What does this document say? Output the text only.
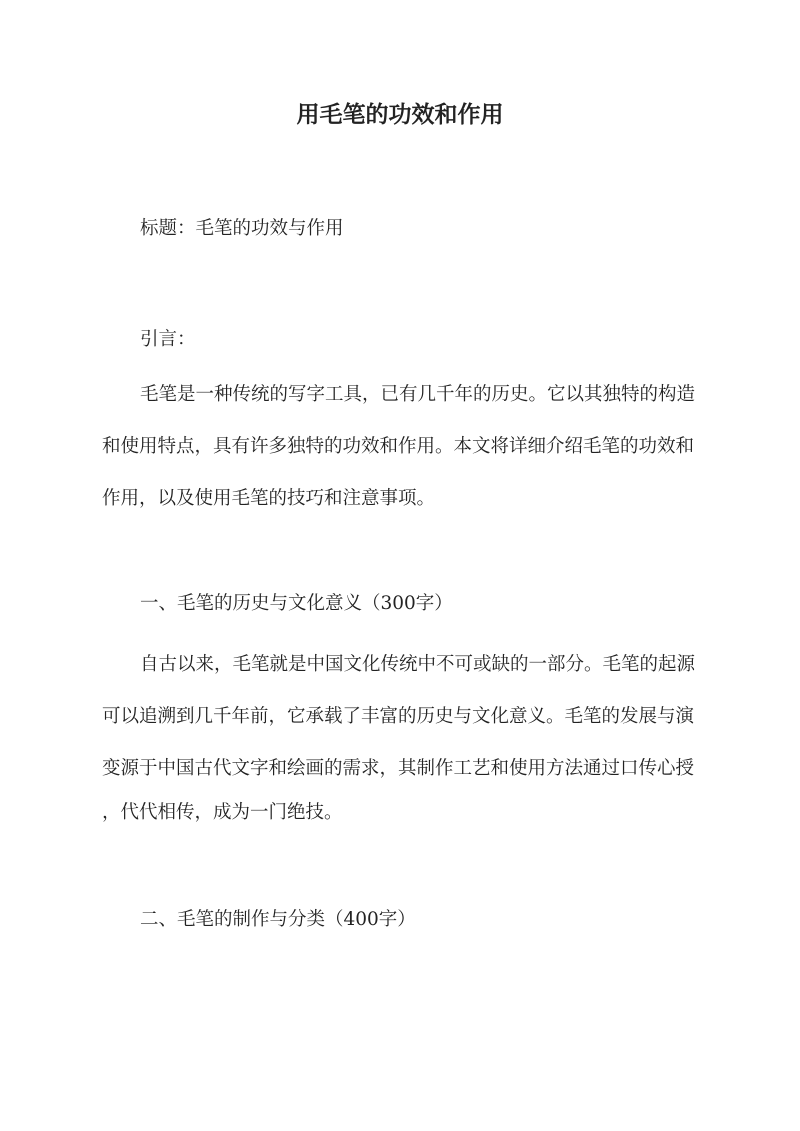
用毛笔的功效和作用
标题：毛笔的功效与作用
引言：
毛笔是一种传统的写字工具，已有几千年的历史。它以其独特的构造
和使用特点，具有许多独特的功效和作用。本文将详细介绍毛笔的功效和
作用，以及使用毛笔的技巧和注意事项。
一、毛笔的历史与文化意义（300字）
自古以来，毛笔就是中国文化传统中不可或缺的一部分。毛笔的起源
可以追溯到几千年前，它承载了丰富的历史与文化意义。毛笔的发展与演
变源于中国古代文字和绘画的需求，其制作工艺和使用方法通过口传心授
，代代相传，成为一门绝技。
二、毛笔的制作与分类（400字）
